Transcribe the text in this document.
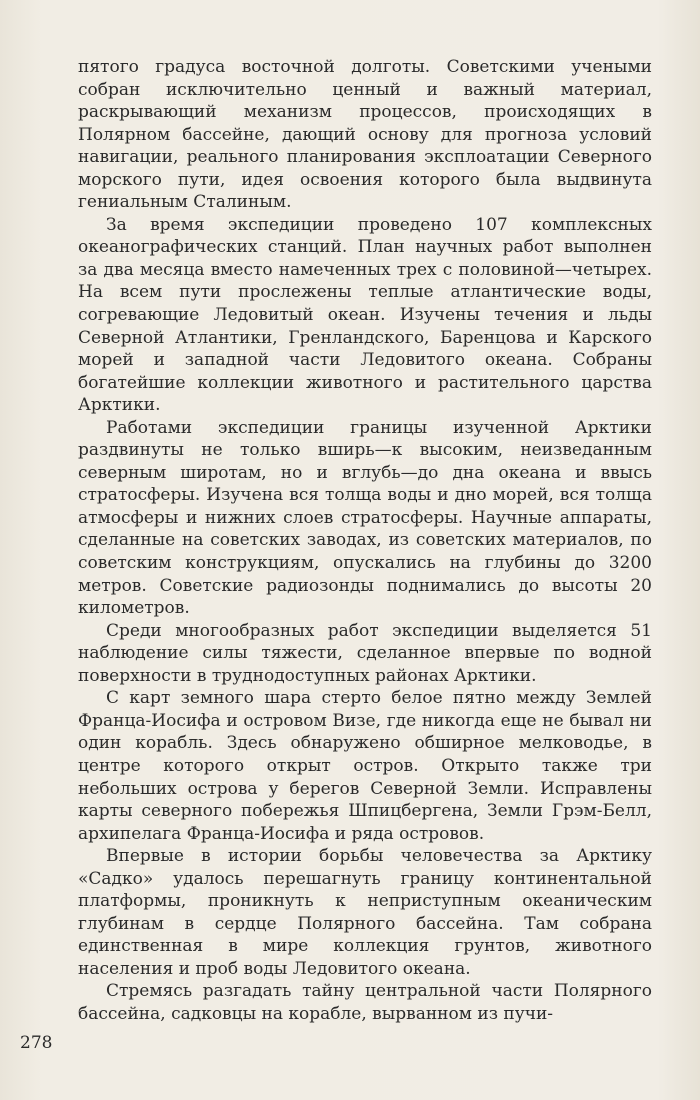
пятого градуса восточной долготы. Советскими учеными собран исключительно ценный и важный материал, раскрывающий механизм процессов, происходящих в Полярном бассейне, дающий основу для прогноза условий навигации, реального планирования эксплоатации Северного морского пути, идея освоения которого была выдвинута гениальным Сталиным.

За время экспедиции проведено 107 комплексных океанографических станций. План научных работ выполнен за два месяца вместо намеченных трех с половиной—четырех. На всем пути прослежены теплые атлантические воды, согревающие Ледовитый океан. Изучены течения и льды Северной Атлантики, Гренландского, Баренцова и Карского морей и западной части Ледовитого океана. Собраны богатейшие коллекции животного и растительного царства Арктики.

Работами экспедиции границы изученной Арктики раздвинуты не только вширь—к высоким, неизведанным северным широтам, но и вглубь—до дна океана и ввысь стратосферы. Изучена вся толща воды и дно морей, вся толща атмосферы и нижних слоев стратосферы. Научные аппараты, сделанные на советских заводах, из советских материалов, по советским конструкциям, опускались на глубины до 3200 метров. Советские радиозонды поднимались до высоты 20 километров.

Среди многообразных работ экспедиции выделяется 51 наблюдение силы тяжести, сделанное впервые по водной поверхности в труднодоступных районах Арктики.

С карт земного шара стерто белое пятно между Землей Франца-Иосифа и островом Визе, где никогда еще не бывал ни один корабль. Здесь обнаружено обширное мелководье, в центре которого открыт остров. Открыто также три небольших острова у берегов Северной Земли. Исправлены карты северного побережья Шпицбергена, Земли Грэм-Белл, архипелага Франца-Иосифа и ряда островов.

Впервые в истории борьбы человечества за Арктику «Садко» удалось перешагнуть границу континентальной платформы, проникнуть к неприступным океаническим глубинам в сердце Полярного бассейна. Там собрана единственная в мире коллекция грунтов, животного населения и проб воды Ледовитого океана.

Стремясь разгадать тайну центральной части Полярного бассейна, садковцы на корабле, вырванном из пучи-

278
